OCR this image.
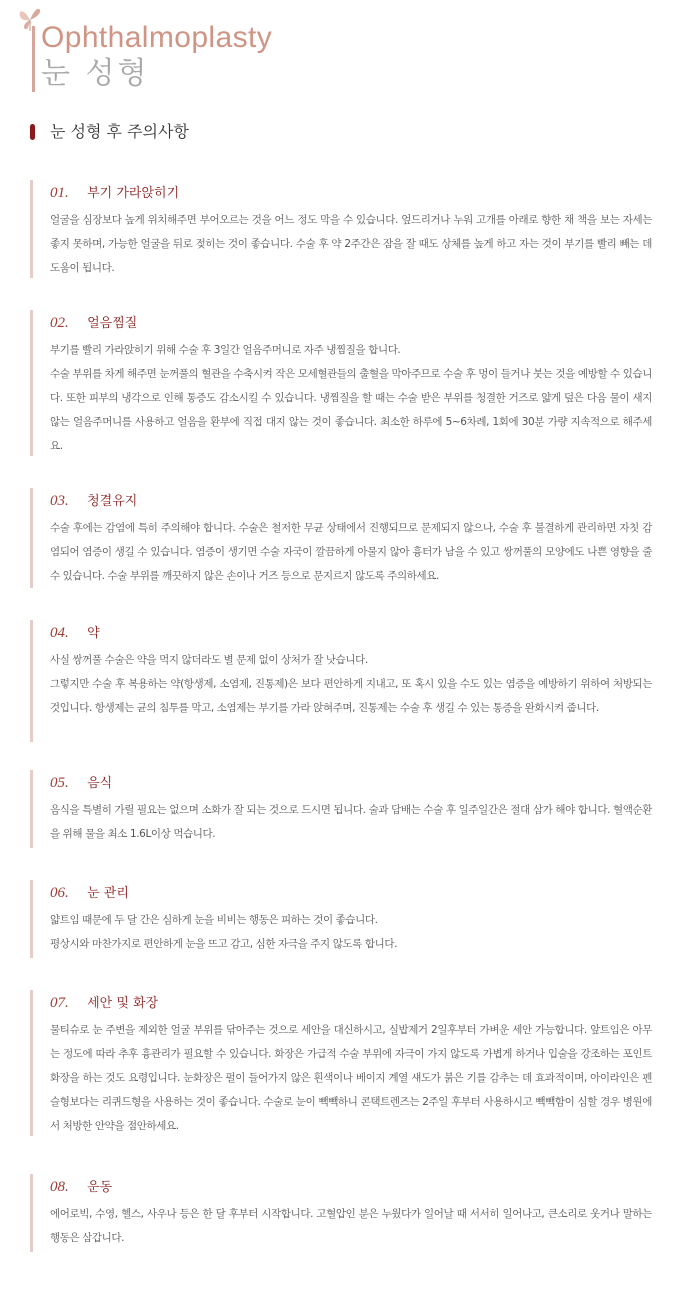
Ophthalmoplasty
눈 성형
눈 성형 후 주의사항
01. 부기 가라앉히기

얼굴을 심장보다 높게 위치해주면 부어오르는 것을 어느 정도 막을 수 있습니다. 엎드리거나 누워 고개를 아래로 향한 채 책을 보는 자세는 좋지 못하며, 가능한 얼굴을 뒤로 젖히는 것이 좋습니다. 수술 후 약 2주간은 잠을 잘 때도 상체를 높게 하고 자는 것이 부기를 빨리 빼는 데 도움이 됩니다.

02. 얼음찜질

부기를 빨리 가라앉히기 위해 수술 후 3일간 얼음주머니로 자주 냉찜질을 합니다.

수술 부위를 차게 해주면 눈꺼풀의 혈관을 수축시켜 작은 모세혈관들의 출혈을 막아주므로 수술 후 멍이 들거나 붓는 것을 예방할 수 있습니다. 또한 피부의 냉각으로 인해 통증도 감소시킬 수 있습니다. 냉찜질을 할 때는 수술 받은 부위를 청결한 거즈로 얇게 덮은 다음 물이 새지 않는 얼음주머니를 사용하고 얼음을 환부에 직접 대지 않는 것이 좋습니다. 최소한 하루에 5~6차례, 1회에 30분 가량 지속적으로 해주세요.

03. 청결유지

수술 후에는 감염에 특히 주의해야 합니다. 수술은 철저한 무균 상태에서 진행되므로 문제되지 않으나, 수술 후 불결하게 관리하면 자칫 감염되어 염증이 생길 수 있습니다. 염증이 생기면 수술 자국이 깔끔하게 아물지 않아 흉터가 남을 수 있고 쌍꺼풀의 모양에도 나쁜 영향을 줄 수 있습니다. 수술 부위를 깨끗하지 않은 손이나 거즈 등으로 문지르지 않도록 주의하세요.

04. 약

사실 쌍꺼풀 수술은 약을 먹지 않더라도 별 문제 없이 상처가 잘 낫습니다.

그렇지만 수술 후 복용하는 약(항생제, 소염제, 진통제)은 보다 편안하게 지내고, 또 혹시 있을 수도 있는 염증을 예방하기 위하여 처방되는 것입니다. 항생제는 균의 침투를 막고, 소염제는 부기를 가라 앉혀주며, 진통제는 수술 후 생길 수 있는 통증을 완화시켜 줍니다.

05. 음식

음식을 특별히 가릴 필요는 없으며 소화가 잘 되는 것으로 드시면 됩니다. 술과 담배는 수술 후 일주일간은 절대 삼가 해야 합니다. 혈액순환을 위해 물을 최소 1.6L이상 먹습니다.

06. 눈 관리

얇트임 때문에 두 달 간은 심하게 눈을 비비는 행동은 피하는 것이 좋습니다.

평상시와 마찬가지로 편안하게 눈을 뜨고 감고, 심한 자극을 주지 않도록 합니다.

07. 세안 및 화장

물티슈로 눈 주변을 제외한 얼굴 부위를 닦아주는 것으로 세안을 대신하시고, 실밥제거 2일후부터 가벼운 세안 가능합니다. 앞트임은 아무는 정도에 따라 추후 흉관리가 필요할 수 있습니다. 화장은 가급적 수술 부위에 자극이 가지 않도록 가볍게 하거나 입술을 강조하는 포인트 화장을 하는 것도 요령입니다. 눈화장은 펄이 들어가지 않은 흰색이나 베이지 계열 섀도가 붉은 기를 감추는 데 효과적이며, 아이라인은 펜슬형보다는 리퀴드형을 사용하는 것이 좋습니다. 수술로 눈이 빽빽하니 콘택트렌즈는 2주일 후부터 사용하시고 빽빽함이 심할 경우 병원에서 처방한 안약을 점안하세요.

08. 운동

에어로빅, 수영, 헬스, 사우나 등은 한 달 후부터 시작합니다. 고혈압인 분은 누웠다가 일어날 때 서서히 일어나고, 큰소리로 웃거나 말하는 행동은 삼갑니다.
